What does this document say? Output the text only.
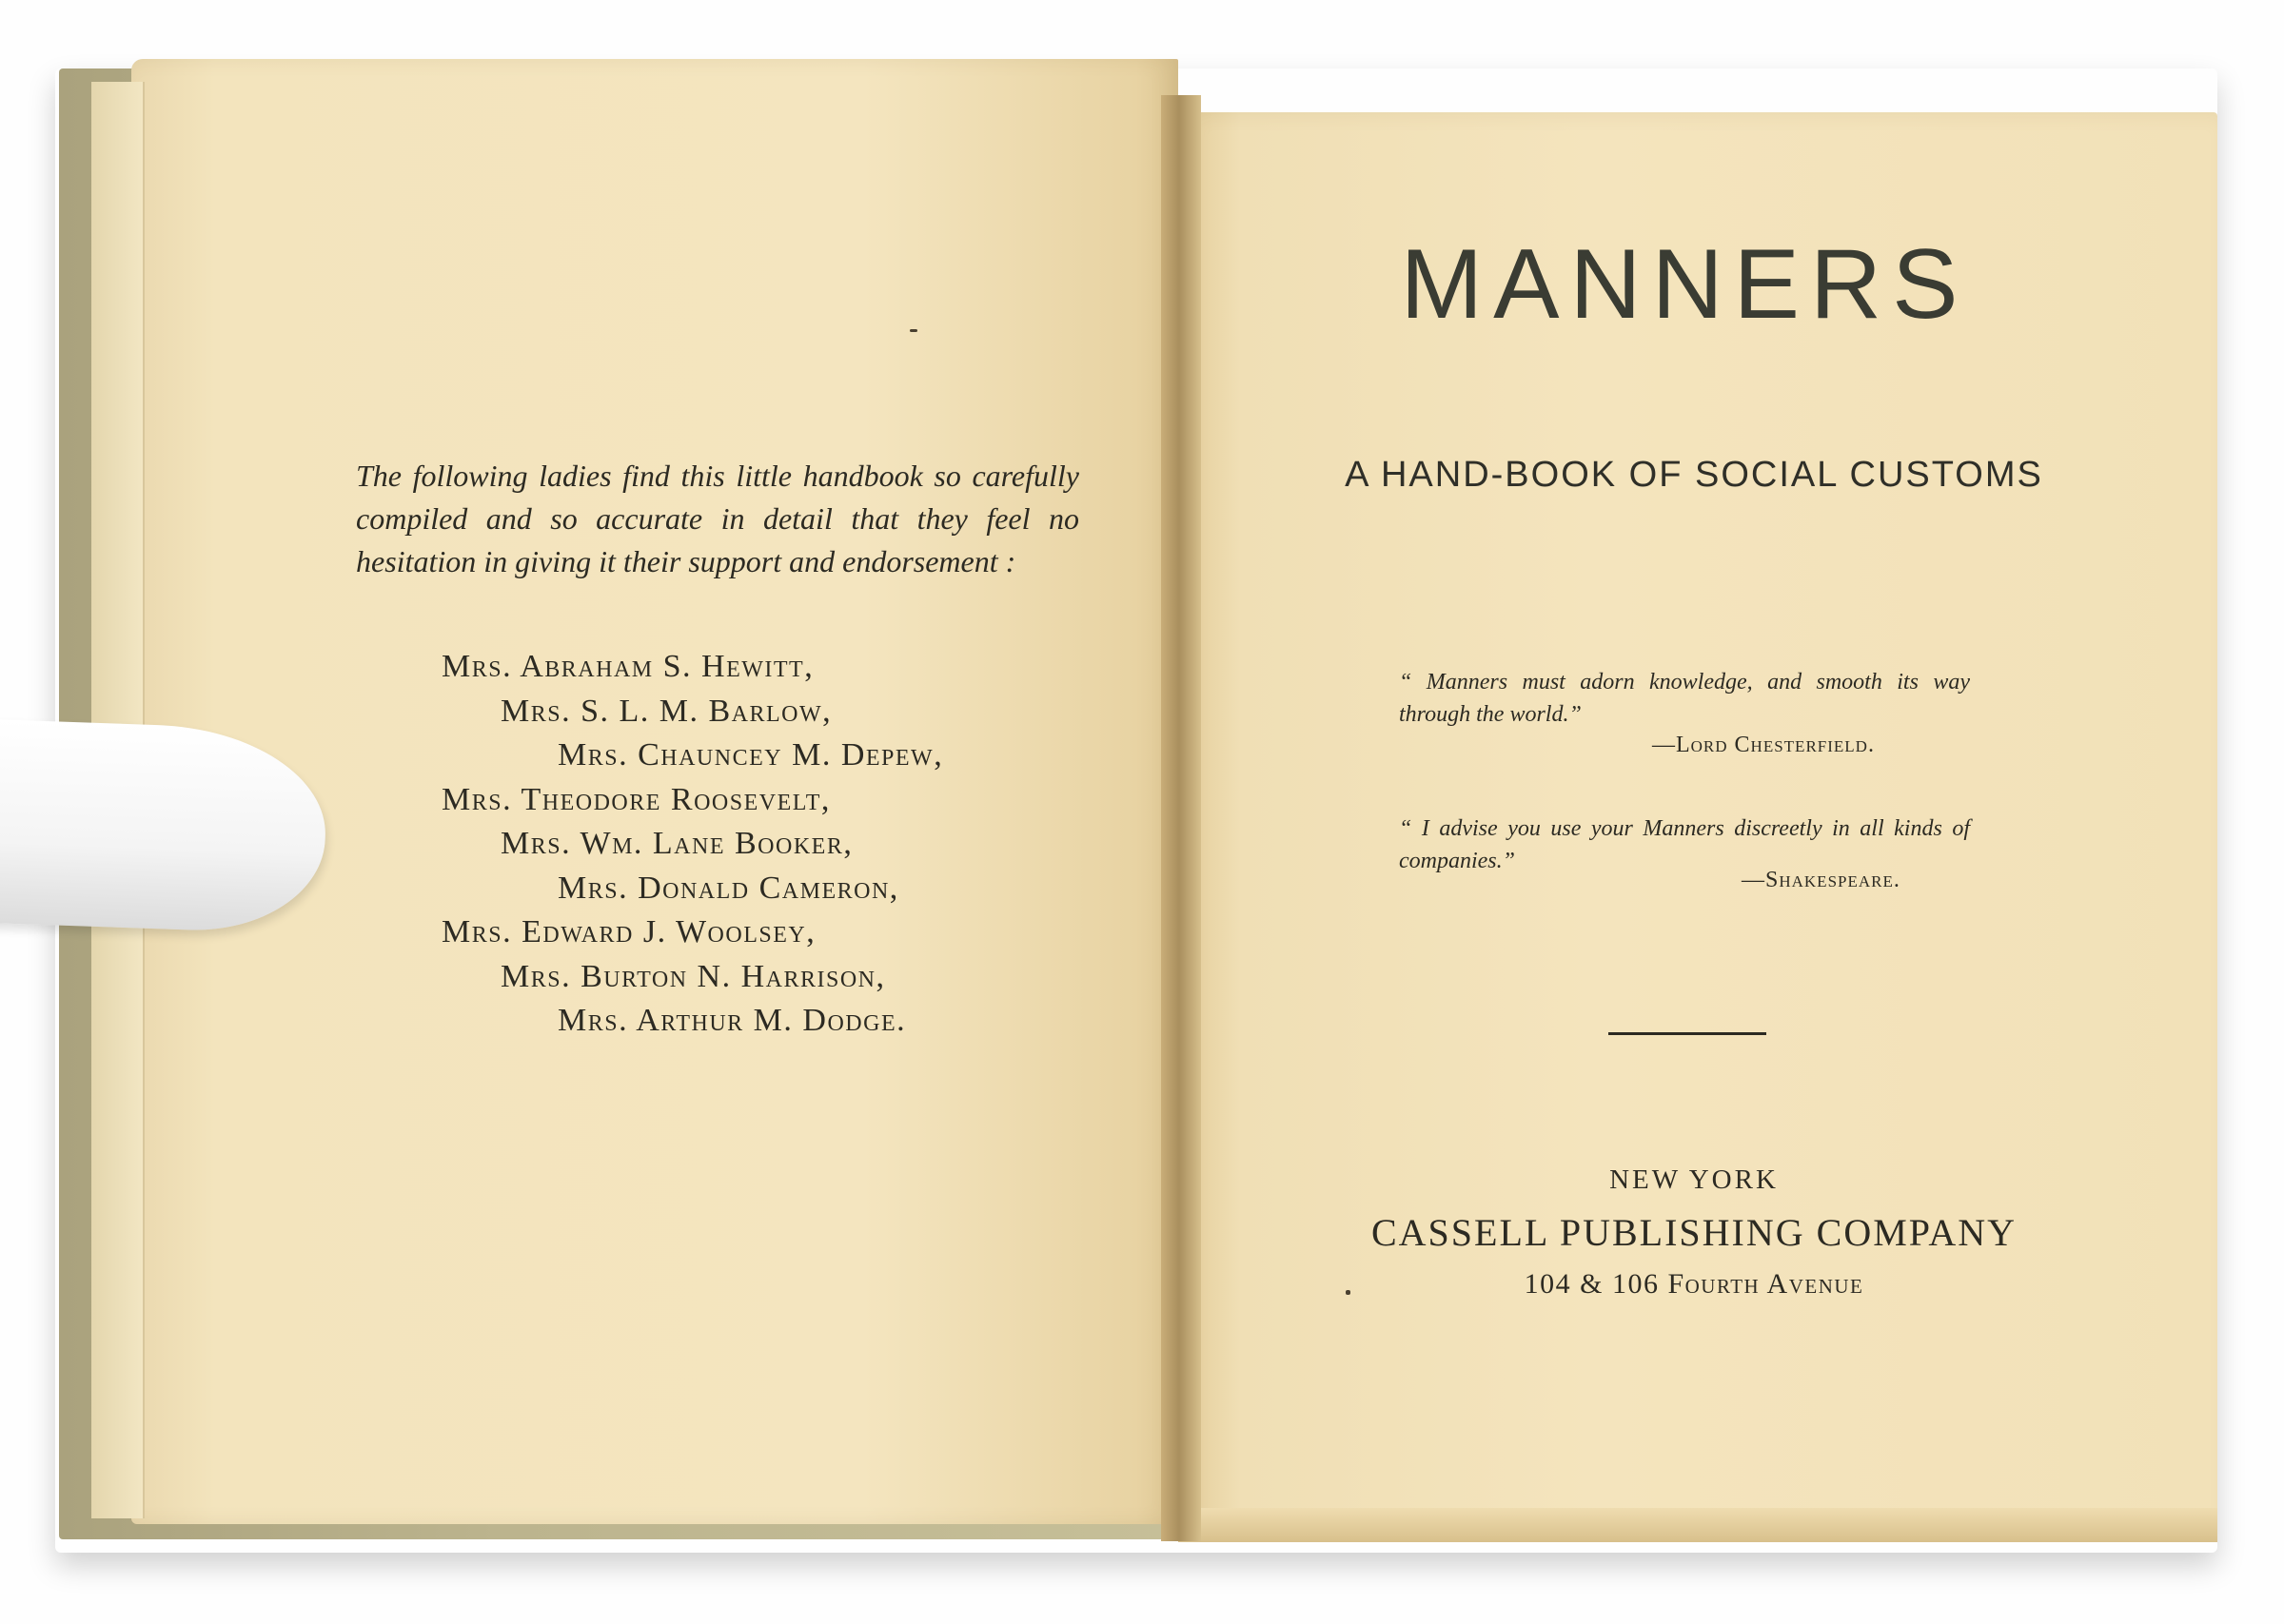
The following ladies find this little handbook so carefully compiled and so accurate in detail that they feel no hesitation in giving it their support and endorsement :
Mrs. Abraham S. Hewitt,
Mrs. S. L. M. Barlow,
Mrs. Chauncey M. Depew,
Mrs. Theodore Roosevelt,
Mrs. Wm. Lane Booker,
Mrs. Donald Cameron,
Mrs. Edward J. Woolsey,
Mrs. Burton N. Harrison,
Mrs. Arthur M. Dodge.
MANNERS
A HAND-BOOK OF SOCIAL CUSTOMS
“ Manners must adorn knowledge, and smooth its way through the world.”
—Lord Chesterfield.
“ I advise you use your Manners discreetly in all kinds of companies.”
—Shakespeare.
NEW YORK
CASSELL PUBLISHING COMPANY
104 & 106 Fourth Avenue
